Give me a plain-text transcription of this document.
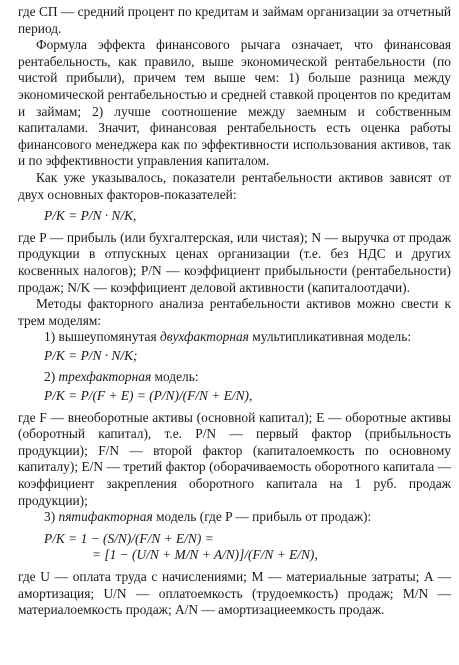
где СП — средний процент по кредитам и займам организации за отчетный период.

Формула эффекта финансового рычага означает, что финансовая рентабельность, как правило, выше экономической рентабельности (по чистой прибыли), причем тем выше чем: 1) больше разница между экономической рентабельностью и средней ставкой процентов по кредитам и займам; 2) лучше соотношение между заемным и собственным капиталами. Значит, финансовая рентабельность есть оценка работы финансового менеджера как по эффективности использования активов, так и по эффективности управления капиталом.

Как уже указывалось, показатели рентабельности активов зависят от двух основных факторов-показателей:

P/K = P/N · N/K,

где P — прибыль (или бухгалтерская, или чистая); N — выручка от продаж продукции в отпускных ценах организации (т.е. без НДС и других косвенных налогов); P/N — коэффициент прибыльности (рентабельности) продаж; N/K — коэффициент деловой активности (капиталоотдачи).

Методы факторного анализа рентабельности активов можно свести к трем моделям:

1) вышеупомянутая двухфакторная мультипликативная модель:

P/K = P/N · N/K;

2) трехфакторная модель:

P/K = P/(F + E) = (P/N)/(F/N + E/N),

где F — внеоборотные активы (основной капитал); E — оборотные активы (оборотный капитал), т.е. P/N — первый фактор (прибыльность продукции); F/N — второй фактор (капиталоемкость по основному капиталу); E/N — третий фактор (оборачиваемость оборотного капитала — коэффициент закрепления оборотного капитала на 1 руб. продаж продукции);

3) пятифакторная модель (где P — прибыль от продаж):

P/K = 1 − (S/N)/(F/N + E/N) =

= [1 − (U/N + M/N + A/N)]/(F/N + E/N),

где U — оплата труда с начислениями; M — материальные затраты; A — амортизация; U/N — оплатоемкость (трудоемкость) продаж; M/N — материалоемкость продаж; A/N — амортизациеемкость продаж.
